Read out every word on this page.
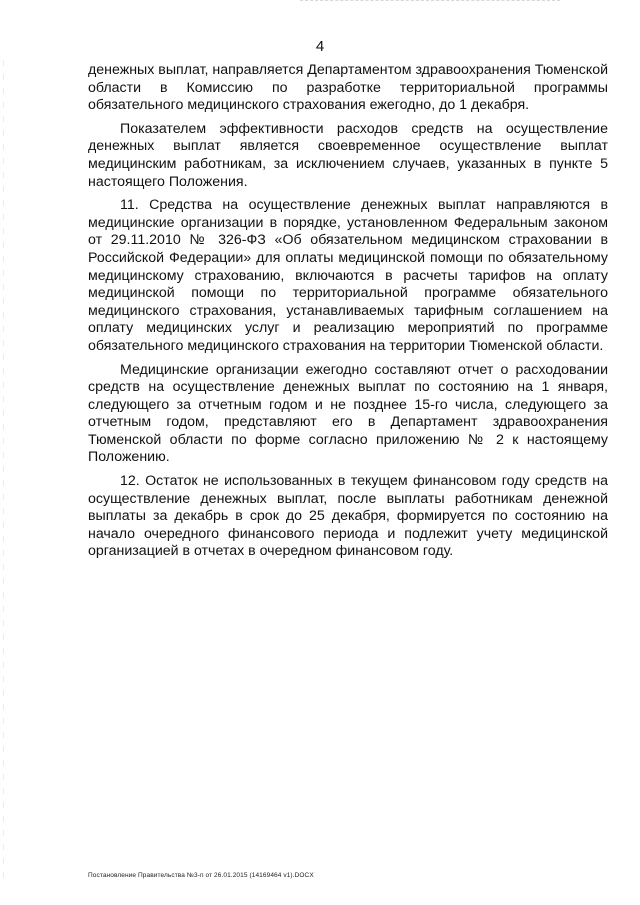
4

денежных выплат, направляется Департаментом здравоохранения Тюменской области в Комиссию по разработке территориальной программы обязательного медицинского страхования ежегодно, до 1 декабря.

Показателем эффективности расходов средств на осуществление денежных выплат является своевременное осуществление выплат медицинским работникам, за исключением случаев, указанных в пункте 5 настоящего Положения.

11. Средства на осуществление денежных выплат направляются в медицинские организации в порядке, установленном Федеральным законом от 29.11.2010 № 326-ФЗ «Об обязательном медицинском страховании в Российской Федерации» для оплаты медицинской помощи по обязательному медицинскому страхованию, включаются в расчеты тарифов на оплату медицинской помощи по территориальной программе обязательного медицинского страхования, устанавливаемых тарифным соглашением на оплату медицинских услуг и реализацию мероприятий по программе обязательного медицинского страхования на территории Тюменской области.

Медицинские организации ежегодно составляют отчет о расходовании средств на осуществление денежных выплат по состоянию на 1 января, следующего за отчетным годом и не позднее 15-го числа, следующего за отчетным годом, представляют его в Департамент здравоохранения Тюменской области по форме согласно приложению № 2 к настоящему Положению.

12. Остаток не использованных в текущем финансовом году средств на осуществление денежных выплат, после выплаты работникам денежной выплаты за декабрь в срок до 25 декабря, формируется по состоянию на начало очередного финансового периода и подлежит учету медицинской организацией в отчетах в очередном финансовом году.

Постановление Правительства №3-п от 26.01.2015 (14169464 v1).DOCX
